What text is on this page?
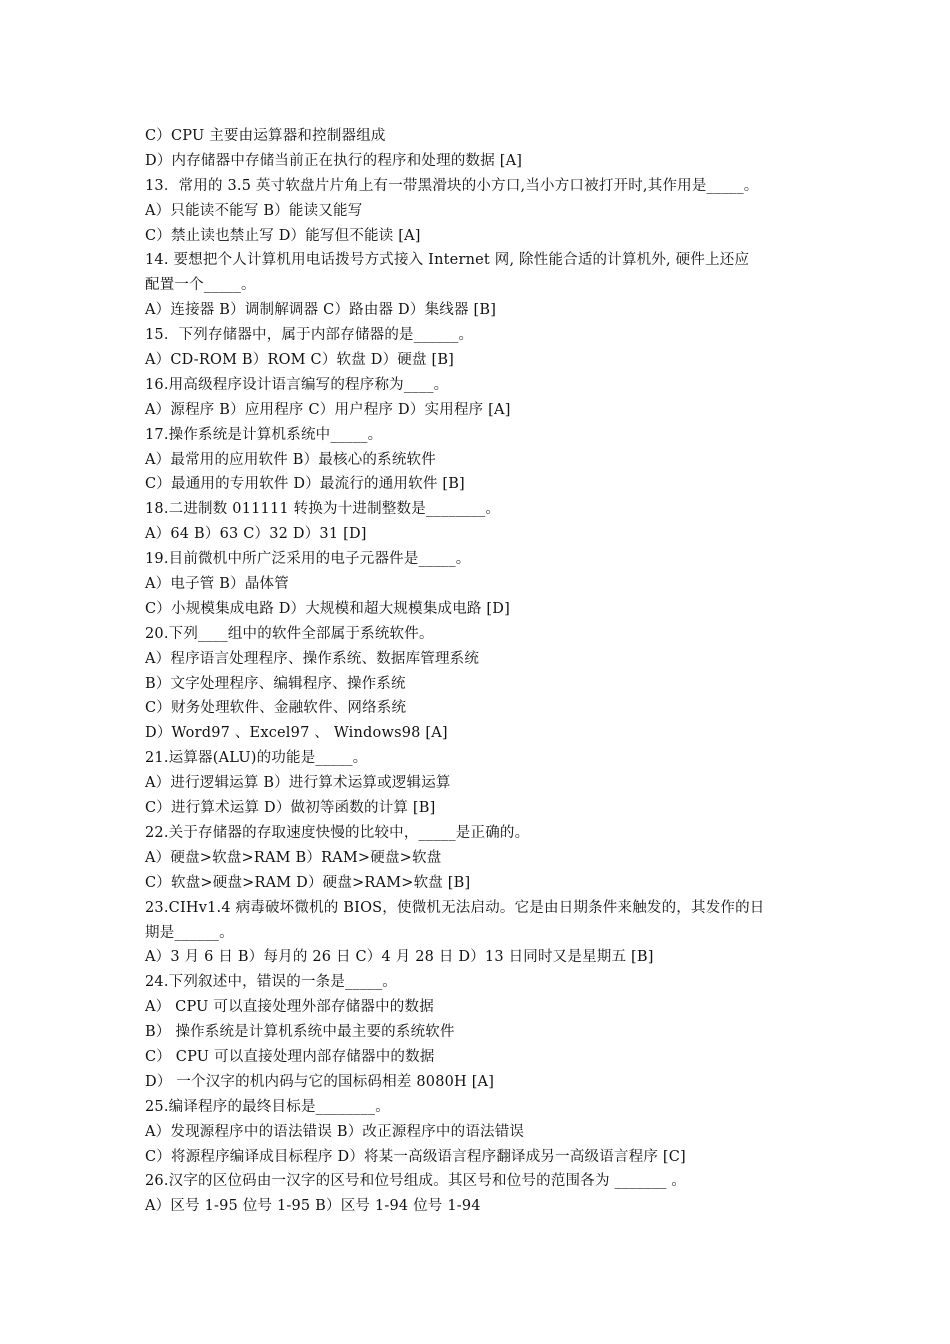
C）CPU 主要由运算器和控制器组成
D）内存储器中存储当前正在执行的程序和处理的数据 [A]
13．常用的 3.5 英寸软盘片片角上有一带黑滑块的小方口,当小方口被打开时,其作用是_____。
A）只能读不能写 B）能读又能写
C）禁止读也禁止写 D）能写但不能读 [A]
14. 要想把个人计算机用电话拨号方式接入 Internet 网, 除性能合适的计算机外, 硬件上还应
配置一个_____。
A）连接器 B）调制解调器 C）路由器 D）集线器 [B]
15．下列存储器中，属于内部存储器的是______。
A）CD-ROM B）ROM C）软盘 D）硬盘 [B]
16.用高级程序设计语言编写的程序称为____。
A）源程序 B）应用程序 C）用户程序 D）实用程序 [A]
17.操作系统是计算机系统中_____。
A）最常用的应用软件 B）最核心的系统软件
C）最通用的专用软件 D）最流行的通用软件 [B]
18.二进制数 011111 转换为十进制整数是________。
A）64 B）63 C）32 D）31 [D]
19.目前微机中所广泛采用的电子元器件是_____。
A）电子管 B）晶体管
C）小规模集成电路 D）大规模和超大规模集成电路 [D]
20.下列____组中的软件全部属于系统软件。
A）程序语言处理程序、操作系统、数据库管理系统
B）文字处理程序、编辑程序、操作系统
C）财务处理软件、金融软件、网络系统
D）Word97 、Excel97 、 Windows98 [A]
21.运算器(ALU)的功能是_____。
A）进行逻辑运算 B）进行算术运算或逻辑运算
C）进行算术运算 D）做初等函数的计算 [B]
22.关于存储器的存取速度快慢的比较中，_____是正确的。
A）硬盘>软盘>RAM B）RAM>硬盘>软盘
C）软盘>硬盘>RAM D）硬盘>RAM>软盘 [B]
23.CIHv1.4 病毒破坏微机的 BIOS，使微机无法启动。它是由日期条件来触发的，其发作的日
期是______。
A）3 月 6 日 B）每月的 26 日 C）4 月 28 日 D）13 日同时又是星期五 [B]
24.下列叙述中，错误的一条是_____。
A） CPU 可以直接处理外部存储器中的数据
B） 操作系统是计算机系统中最主要的系统软件
C） CPU 可以直接处理内部存储器中的数据
D） 一个汉字的机内码与它的国标码相差 8080H [A]
25.编译程序的最终目标是________。
A）发现源程序中的语法错误 B）改正源程序中的语法错误
C）将源程序编译成目标程序 D）将某一高级语言程序翻译成另一高级语言程序 [C]
26.汉字的区位码由一汉字的区号和位号组成。其区号和位号的范围各为 _______ 。
A）区号 1-95 位号 1-95 B）区号 1-94 位号 1-94
